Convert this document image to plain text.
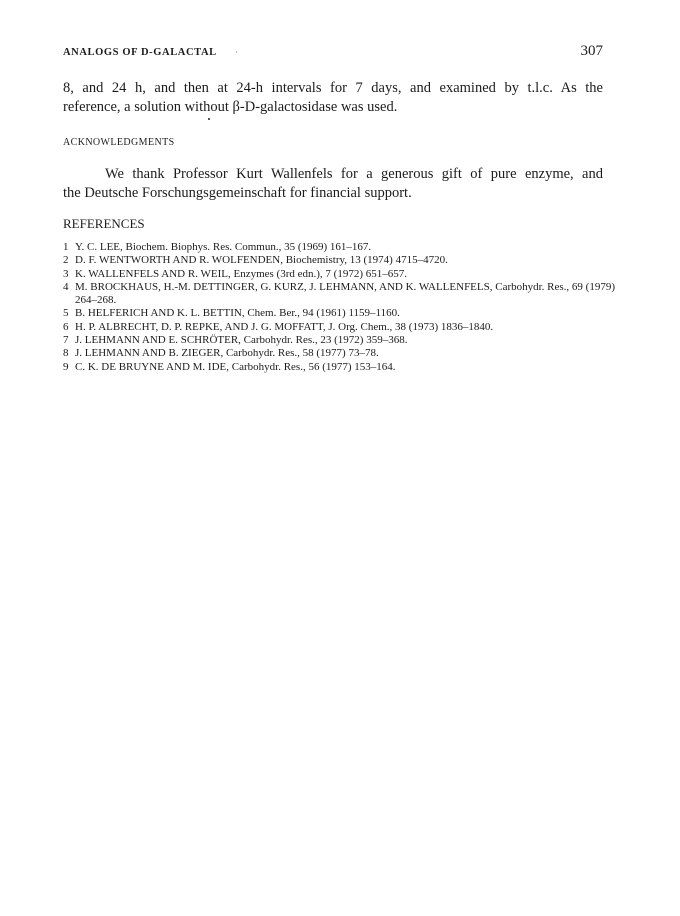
ANALOGS OF D-GALACTAL ·	307
8, and 24 h, and then at 24-h intervals for 7 days, and examined by t.l.c. As the
reference, a solution without β-D-galactosidase was used.
ACKNOWLEDGMENTS
We thank Professor Kurt Wallenfels for a generous gift of pure enzyme, and
the Deutsche Forschungsgemeinschaft for financial support.
REFERENCES
1 Y. C. LEE, Biochem. Biophys. Res. Commun., 35 (1969) 161–167.
2 D. F. WENTWORTH AND R. WOLFENDEN, Biochemistry, 13 (1974) 4715–4720.
3 K. WALLENFELS AND R. WEIL, Enzymes (3rd edn.), 7 (1972) 651–657.
4 M. BROCKHAUS, H.-M. DETTINGER, G. KURZ, J. LEHMANN, AND K. WALLENFELS, Carbohydr. Res., 69 (1979) 264–268.
5 B. HELFERICH AND K. L. BETTIN, Chem. Ber., 94 (1961) 1159–1160.
6 H. P. ALBRECHT, D. P. REPKE, AND J. G. MOFFATT, J. Org. Chem., 38 (1973) 1836–1840.
7 J. LEHMANN AND E. SCHRÖTER, Carbohydr. Res., 23 (1972) 359–368.
8 J. LEHMANN AND B. ZIEGER, Carbohydr. Res., 58 (1977) 73–78.
9 C. K. DE BRUYNE AND M. IDE, Carbohydr. Res., 56 (1977) 153–164.
